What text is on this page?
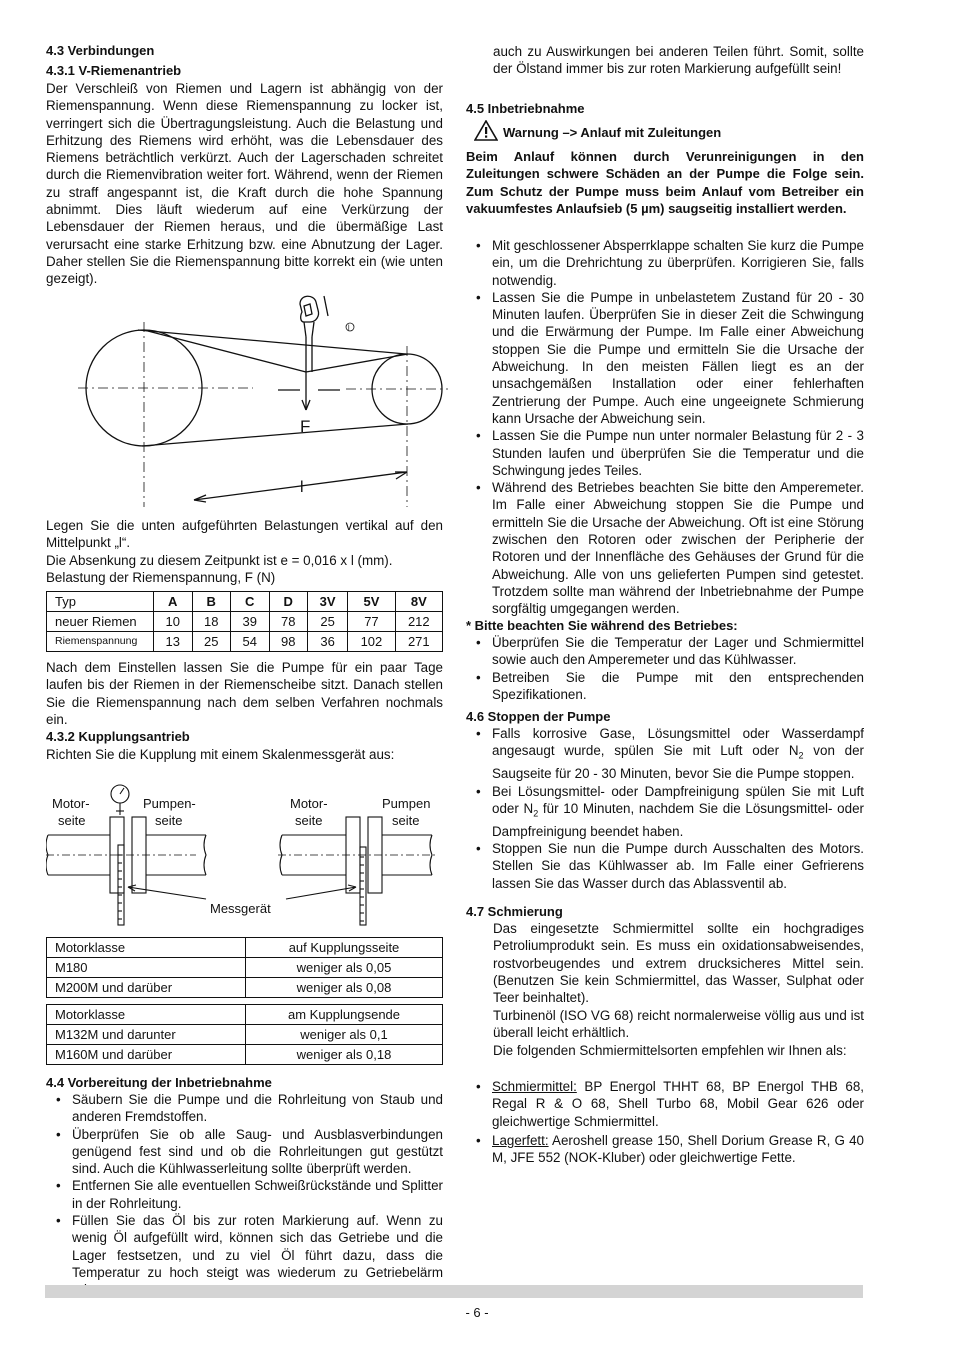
4.3 Verbindungen
4.3.1 V-Riemenantrieb
Der Verschleiß von Riemen und Lagern ist abhängig von der Riemenspannung. Wenn diese Riemenspannung zu locker ist, verringert sich die Übertragungsleistung. Auch die Belastung und Erhitzung des Riemens wird erhöht, was die Lebensdauer des Riemens beträchtlich verkürzt. Auch der Lagerschaden schreitet durch die Riemenvibration weiter fort. Während, wenn der Riemen zu straff angespannt ist, die Kraft durch die hohe Spannung abnimmt. Dies läuft wiederum auf eine Verkürzung der Lebensdauer der Riemen heraus, und die übermäßige Last verursacht eine starke Erhitzung bzw. eine Abnutzung der Lager. Daher stellen Sie die Riemenspannung bitte korrekt ein (wie unten gezeigt).
F
l
l
Legen Sie die unten aufgeführten Belastungen vertikal auf den Mittelpunkt „l“.
Die Absenkung zu diesem Zeitpunkt ist e = 0,016 x l (mm).
Belastung der Riemenspannung, F (N)
Typ	A	B	C	D	3V	5V	8V
neuer Riemen	10	18	39	78	25	77	212
Riemenspannung	13	25	54	98	36	102	271
Nach dem Einstellen lassen Sie die Pumpe für ein paar Tage laufen bis der Riemen in der Riemenscheibe sitzt. Danach stellen Sie die Riemenspannung nach dem selben Verfahren nochmals ein.
4.3.2 Kupplungsantrieb
Richten Sie die Kupplung mit einem Skalenmessgerät aus:
Motor-
seite
Pumpen-
seite
Motor-
seite
Pumpen
seite
Messgerät
Motorklasse	auf Kupplungsseite
M180	weniger als 0,05
M200M und darüber	weniger als 0,08
Motorklasse	am Kupplungsende
M132M und darunter	weniger als 0,1
M160M und darüber	weniger als 0,18
4.4 Vorbereitung der Inbetriebnahme
• Säubern Sie die Pumpe und die Rohrleitung von Staub und anderen Fremdstoffen.
• Überprüfen Sie ob alle Saug- und Ausblasverbindungen genügend fest sind und ob die Rohrleitungen gut gestützt sind. Auch die Kühlwasserleitung sollte überprüft werden.
• Entfernen Sie alle eventuellen Schweißrückstände und Splitter in der Rohrleitung.
• Füllen Sie das Öl bis zur roten Markierung auf. Wenn zu wenig Öl aufgefüllt wird, können sich das Getriebe und die Lager festsetzen, und zu viel Öl führt dazu, dass die Temperatur zu hoch steigt was wiederum zu Getriebelärm
auch zu Auswirkungen bei anderen Teilen führt. Somit, sollte der Ölstand immer bis zur roten Markierung aufgefüllt sein!
4.5 Inbetriebnahme
Warnung –> Anlauf mit Zuleitungen
Beim Anlauf können durch Verunreinigungen in den Zuleitungen schwere Schäden an der Pumpe die Folge sein. Zum Schutz der Pumpe muss beim Anlauf vom Betreiber ein vakuumfestes Anlaufsieb (5 µm) saugseitig installiert werden.
• Mit geschlossener Absperrklappe schalten Sie kurz die Pumpe ein, um die Drehrichtung zu überprüfen. Korrigieren Sie, falls notwendig.
• Lassen Sie die Pumpe in unbelastetem Zustand für 20 - 30 Minuten laufen. Überprüfen Sie in dieser Zeit die Schwingung und die Erwärmung der Pumpe. Im Falle einer Abweichung stoppen Sie die Pumpe und ermitteln Sie die Ursache der Abweichung. In den meisten Fällen liegt es an der unsachgemäßen Installation oder einer fehlerhaften Zentrierung der Pumpe. Auch eine ungeeignete Schmierung kann Ursache der Abweichung sein.
• Lassen Sie die Pumpe nun unter normaler Belastung für 2 - 3 Stunden laufen und überprüfen Sie die Temperatur und die Schwingung jedes Teiles.
• Während des Betriebes beachten Sie bitte den Amperemeter. Im Falle einer Abweichung stoppen Sie die Pumpe und ermitteln Sie die Ursache der Abweichung. Oft ist eine Störung zwischen den Rotoren oder zwischen der Peripherie der Rotoren und der Innenfläche des Gehäuses der Grund für die Abweichung. Alle von uns gelieferten Pumpen sind getestet. Trotzdem sollte man während der Inbetriebnahme der Pumpe sorgfältig umgegangen werden.
* Bitte beachten Sie während des Betriebes:
• Überprüfen Sie die Temperatur der Lager und Schmiermittel sowie auch den Amperemeter und das Kühlwasser.
• Betreiben Sie die Pumpe mit den entsprechenden Spezifikationen.
4.6 Stoppen der Pumpe
• Falls korrosive Gase, Lösungsmittel oder Wasserdampf angesaugt wurde, spülen Sie mit Luft oder $N_2$ von der Saugseite für 20 - 30 Minuten, bevor Sie die Pumpe stoppen.
• Bei Lösungsmittel- oder Dampfreinigung spülen Sie mit Luft oder $N_2$ für 10 Minuten, nachdem Sie die Lösungsmittel- oder Dampfreinigung beendet haben.
• Stoppen Sie nun die Pumpe durch Ausschalten des Motors. Stellen Sie das Kühlwasser ab. Im Falle einer Gefrierens lassen Sie das Wasser durch das Ablassventil ab.
4.7 Schmierung
Das eingesetzte Schmiermittel sollte ein hochgradiges Petroliumprodukt sein. Es muss ein oxidationsabweisendes, rostvorbeugendes und extrem drucksicheres Mittel sein. (Benutzen Sie kein Schmiermittel, das Wasser, Sulphat oder Teer beinhaltet).
Turbinenöl (ISO VG 68) reicht normalerweise völlig aus und ist überall leicht erhältlich.
Die folgenden Schmiermittelsorten empfehlen wir Ihnen als:
• Schmiermittel: BP Energol THHT 68, BP Energol THB 68, Regal R & O 68, Shell Turbo 68, Mobil Gear 626 oder gleichwertige Schmiermittel.
• Lagerfett: Aeroshell grease 150, Shell Dorium Grease R, G 40 M, JFE 552 (NOK-Kluber) oder gleichwertige Fette.
- 6 -
